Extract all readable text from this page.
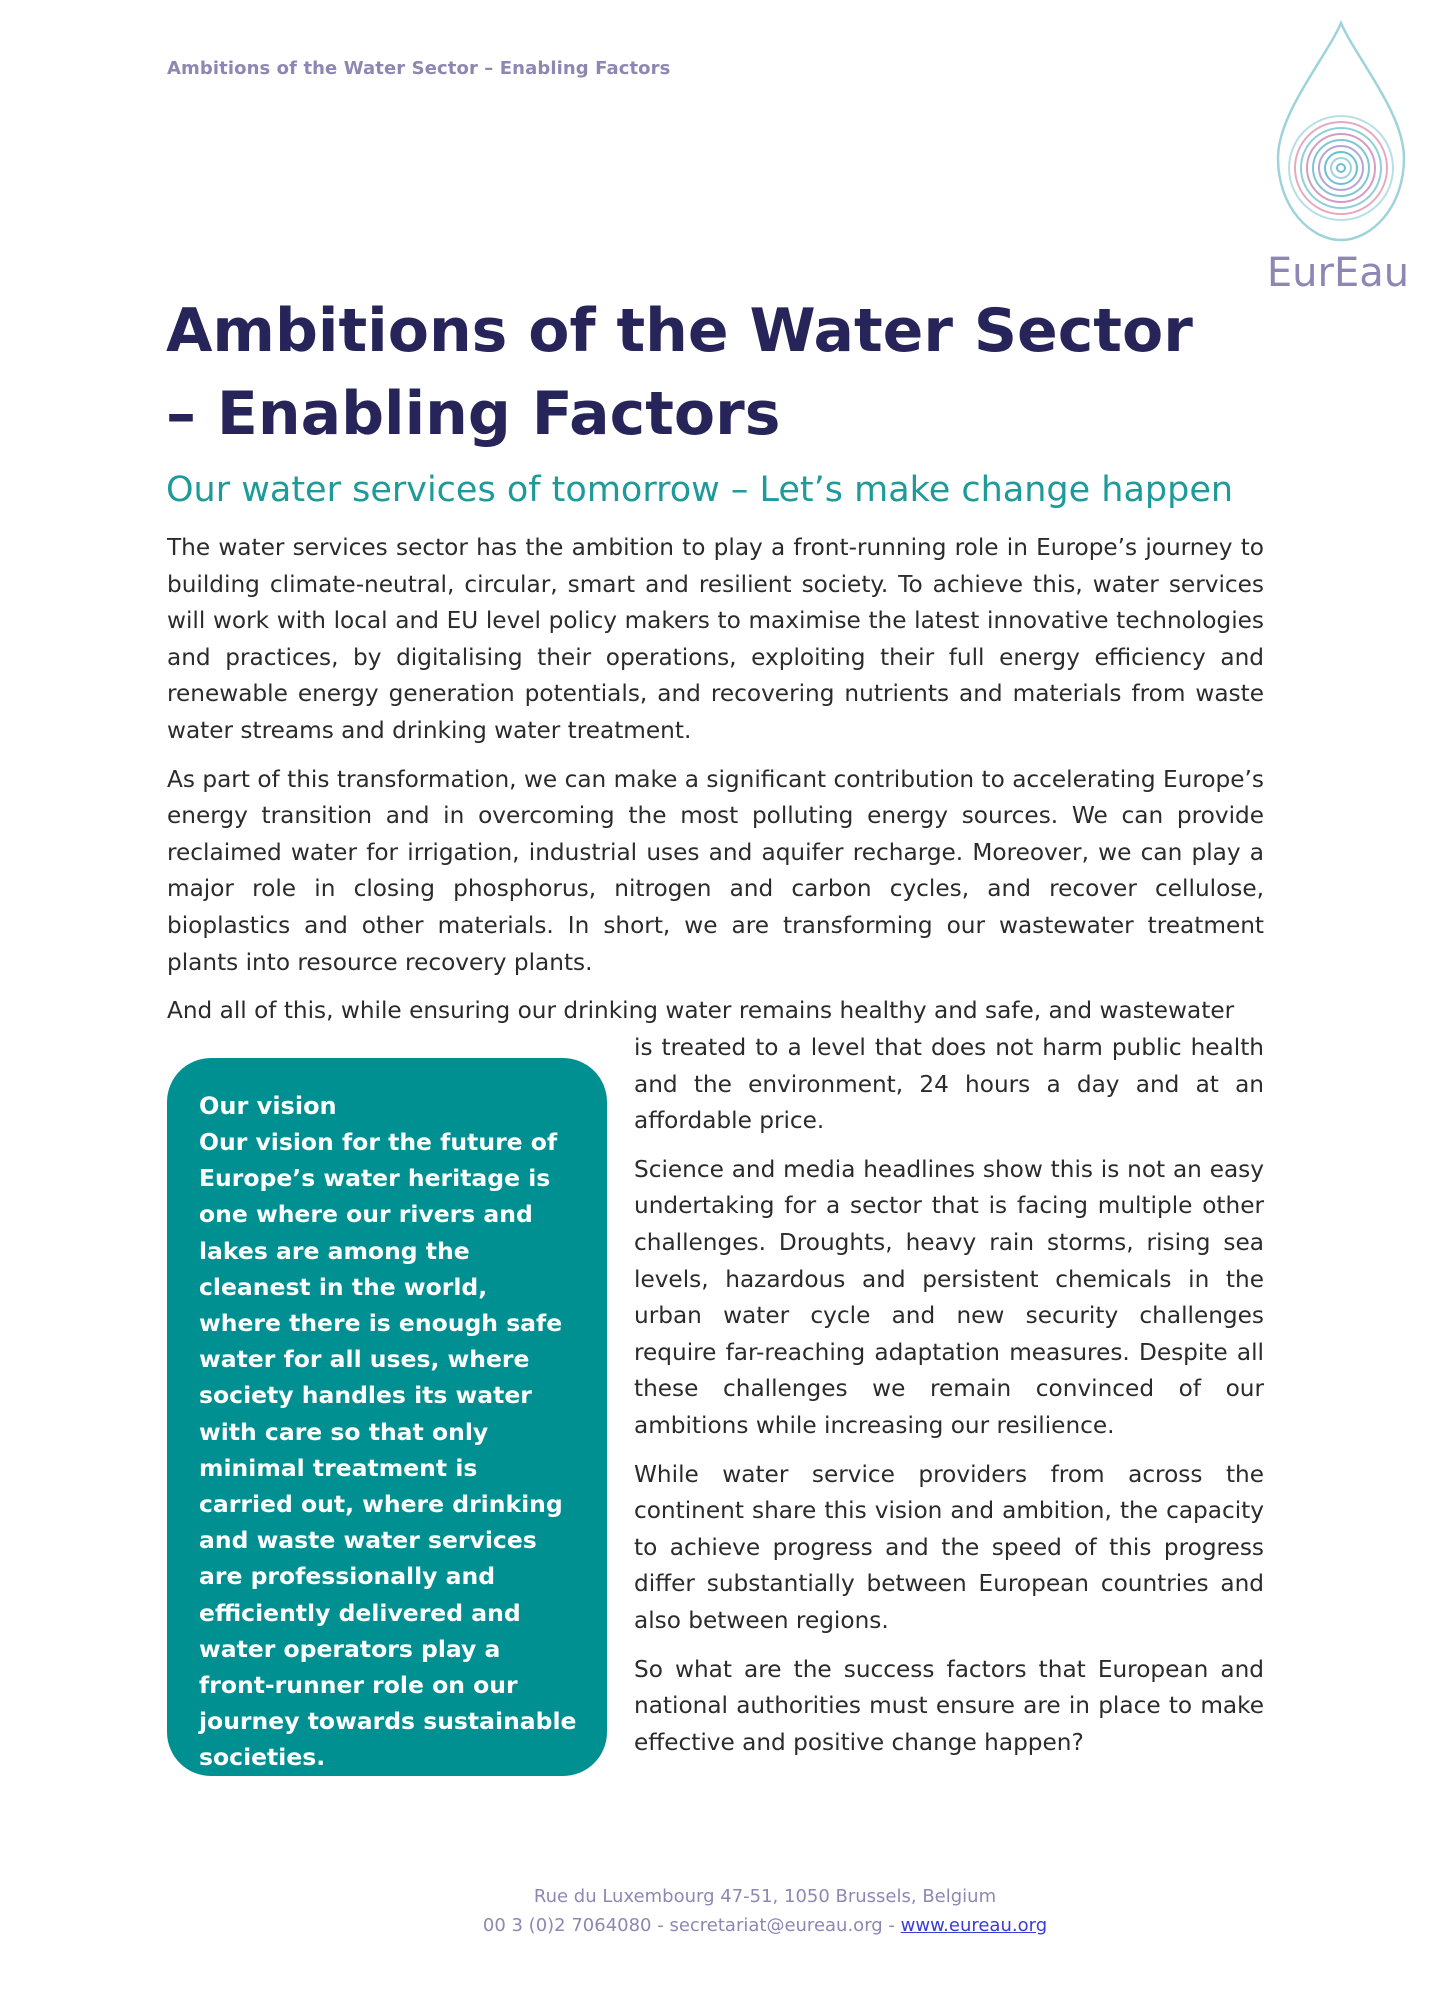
Ambitions of the Water Sector – Enabling Factors
EurEau
Ambitions of the Water Sector
– Enabling Factors
Our water services of tomorrow – Let’s make change happen

The water services sector has the ambition to play a front-running role in Europe’s journey to building climate-neutral, circular, smart and resilient society. To achieve this, water services will work with local and EU level policy makers to maximise the latest innovative technologies and practices, by digitalising their operations, exploiting their full energy efficiency and renewable energy generation potentials, and recovering nutrients and materials from waste water streams and drinking water treatment.

As part of this transformation, we can make a significant contribution to accelerating Europe’s energy transition and in overcoming the most polluting energy sources. We can provide reclaimed water for irrigation, industrial uses and aquifer recharge. Moreover, we can play a major role in closing phosphorus, nitrogen and carbon cycles, and recover cellulose, bioplastics and other materials. In short, we are transforming our wastewater treatment plants into resource recovery plants.

And all of this, while ensuring our drinking water remains healthy and safe, and wastewater

Our vision

Our vision for the future of Europe’s water heritage is one where our rivers and lakes are among the cleanest in the world, where there is enough safe water for all uses, where society handles its water with care so that only minimal treatment is carried out, where drinking and waste water services are professionally and efficiently delivered and water operators play a front-runner role on our journey towards sustainable societies.

is treated to a level that does not harm public health and the environment, 24 hours a day and at an affordable price.

Science and media headlines show this is not an easy undertaking for a sector that is facing multiple other challenges. Droughts, heavy rain storms, rising sea levels, hazardous and persistent chemicals in the urban water cycle and new security challenges require far-reaching adaptation measures. Despite all these challenges we remain convinced of our ambitions while increasing our resilience.

While water service providers from across the continent share this vision and ambition, the capacity to achieve progress and the speed of this progress differ substantially between European countries and also between regions.

So what are the success factors that European and national authorities must ensure are in place to make effective and positive change happen?

Rue du Luxembourg 47-51, 1050 Brussels, Belgium
00 3 (0)2 7064080 - secretariat@eureau.org - www.eureau.org
